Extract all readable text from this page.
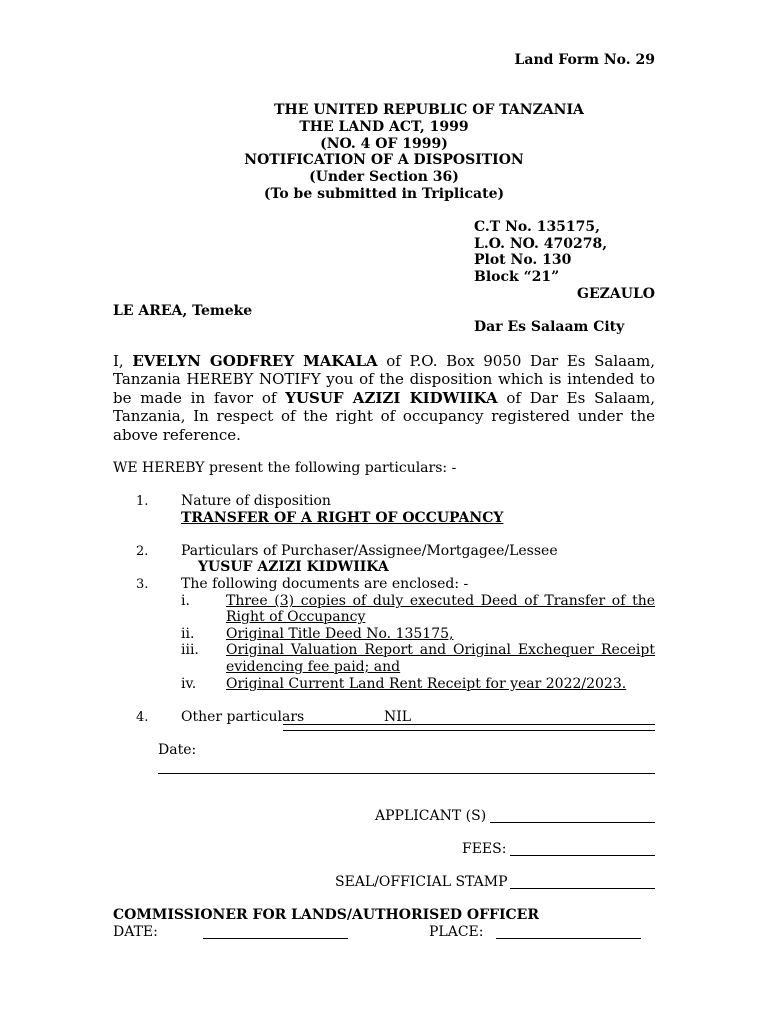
Land Form No. 29
THE UNITED REPUBLIC OF TANZANIA
THE LAND ACT, 1999
(NO. 4 OF 1999)
NOTIFICATION OF A DISPOSITION
(Under Section 36)
(To be submitted in Triplicate)
C.T No. 135175,
L.O. NO. 470278,
Plot No. 130
Block “21”
GEZAULO
LE AREA, Temeke
Dar Es Salaam City
I, EVELYN GODFREY MAKALA of P.O. Box 9050 Dar Es Salaam, Tanzania HEREBY NOTIFY you of the disposition which is intended to be made in favor of YUSUF AZIZI KIDWIIKA of Dar Es Salaam, Tanzania, In respect of the right of occupancy registered under the above reference.
WE HEREBY present the following particulars: -
1. Nature of disposition
TRANSFER OF A RIGHT OF OCCUPANCY
2. Particulars of Purchaser/Assignee/Mortgagee/Lessee
YUSUF AZIZI KIDWIIKA
3. The following documents are enclosed: -
i.	Three (3) copies of duly executed Deed of Transfer of the
Right of Occupancy
ii. Original Title Deed No. 135175,
iii. Original Valuation Report and Original Exchequer Receipt
evidencing fee paid; and
iv. Original Current Land Rent Receipt for year 2022/2023.
4. Other particulars	NIL
Date:
APPLICANT (S)
FEES:
SEAL/OFFICIAL STAMP
COMMISSIONER FOR LANDS/AUTHORISED OFFICER
DATE:	PLACE:
